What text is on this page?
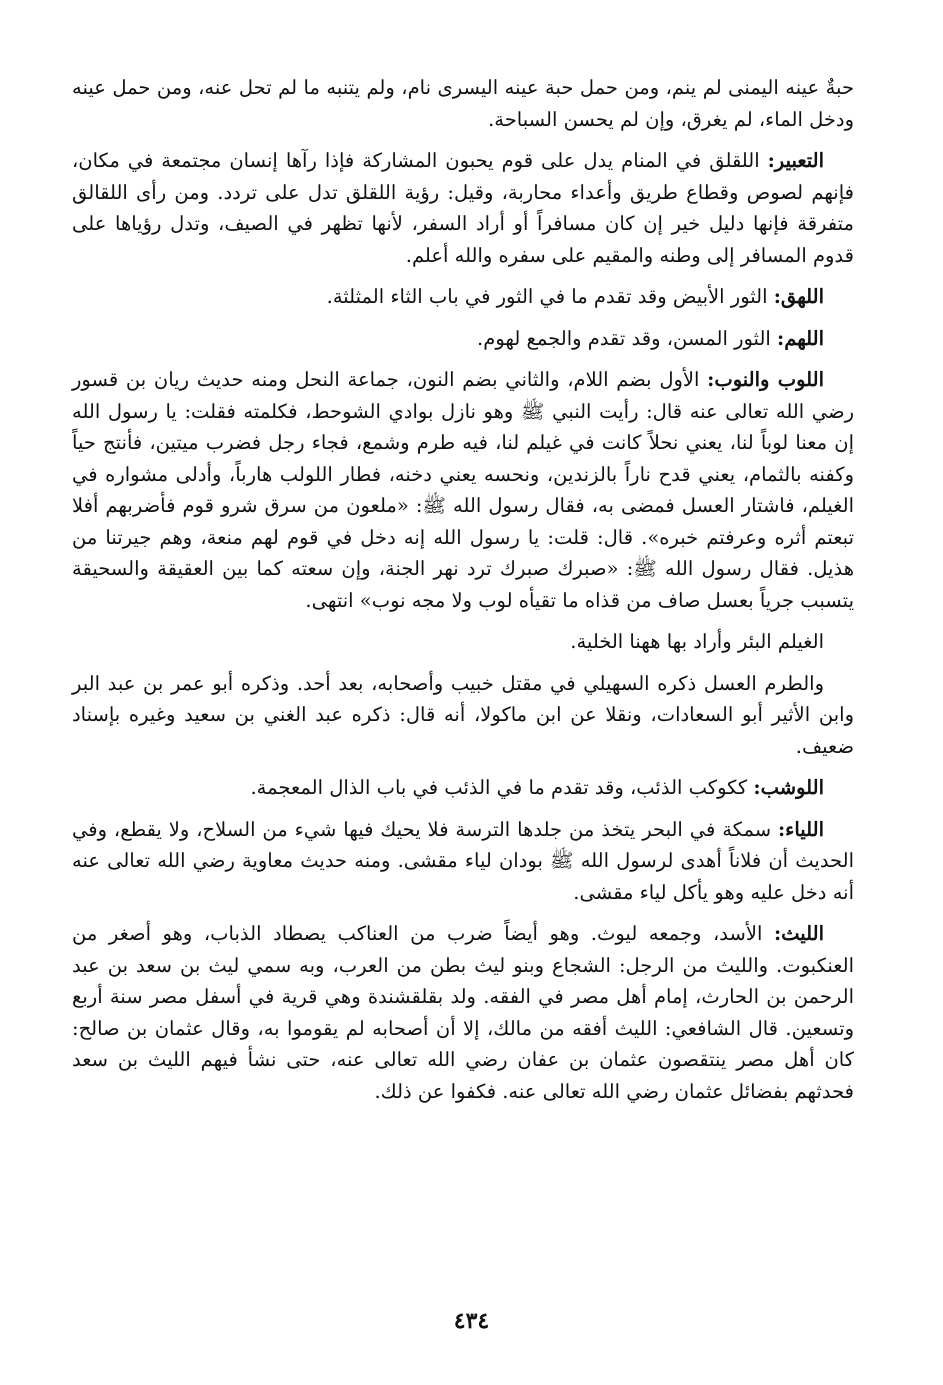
حبةٌ عينه اليمنى لم ينم، ومن حمل حبة عينه اليسرى نام، ولم يتنبه ما لم تحل عنه، ومن حمل عينه ودخل الماء، لم يغرق، وإن لم يحسن السباحة.

التعبير: اللقلق في المنام يدل على قوم يحبون المشاركة فإذا رآها إنسان مجتمعة في مكان، فإنهم لصوص وقطاع طريق وأعداء محاربة، وقيل: رؤية اللقلق تدل على تردد. ومن رأى اللقالق متفرقة فإنها دليل خير إن كان مسافراً أو أراد السفر، لأنها تظهر في الصيف، وتدل رؤياها على قدوم المسافر إلى وطنه والمقيم على سفره والله أعلم.

اللهق: الثور الأبيض وقد تقدم ما في الثور في باب الثاء المثلثة.

اللهم: الثور المسن، وقد تقدم والجمع لهوم.

اللوب والنوب: الأول بضم اللام، والثاني بضم النون، جماعة النحل ومنه حديث ريان بن قسور رضي الله تعالى عنه قال: رأيت النبي ﷺ وهو نازل بوادي الشوحط، فكلمته فقلت: يا رسول الله إن معنا لوباً لنا، يعني نحلاً كانت في غيلم لنا، فيه طرم وشمع، فجاء رجل فضرب ميتين، فأنتج حياً وكفنه بالثمام، يعني قدح ناراً بالزندين، ونحسه يعني دخنه، فطار اللولب هارباً، وأدلى مشواره في الغيلم، فاشتار العسل فمضى به، فقال رسول الله ﷺ: «ملعون من سرق شرو قوم فأضربهم أفلا تبعتم أثره وعرفتم خبره». قال: قلت: يا رسول الله إنه دخل في قوم لهم منعة، وهم جيرتنا من هذيل. فقال رسول الله ﷺ: «صبرك صبرك ترد نهر الجنة، وإن سعته كما بين العقيقة والسحيقة يتسبب جرياً بعسل صاف من قذاه ما تقيأه لوب ولا مجه نوب» انتهى.

الغيلم البئر وأراد بها ههنا الخلية.

والطرم العسل ذكره السهيلي في مقتل خبيب وأصحابه، بعد أحد. وذكره أبو عمر بن عبد البر وابن الأثير أبو السعادات، ونقلا عن ابن ماكولا، أنه قال: ذكره عبد الغني بن سعيد وغيره بإسناد ضعيف.

اللوشب: ككوكب الذئب، وقد تقدم ما في الذئب في باب الذال المعجمة.

اللياء: سمكة في البحر يتخذ من جلدها الترسة فلا يحيك فيها شيء من السلاح، ولا يقطع، وفي الحديث أن فلاناً أهدى لرسول الله ﷺ بودان لياء مقشى. ومنه حديث معاوية رضي الله تعالى عنه أنه دخل عليه وهو يأكل لياء مقشى.

الليث: الأسد، وجمعه ليوث. وهو أيضاً ضرب من العناكب يصطاد الذباب، وهو أصغر من العنكبوت. والليث من الرجل: الشجاع وبنو ليث بطن من العرب، وبه سمي ليث بن سعد بن عبد الرحمن بن الحارث، إمام أهل مصر في الفقه. ولد بقلقشندة وهي قرية في أسفل مصر سنة أربع وتسعين. قال الشافعي: الليث أفقه من مالك، إلا أن أصحابه لم يقوموا به، وقال عثمان بن صالح: كان أهل مصر ينتقصون عثمان بن عفان رضي الله تعالى عنه، حتى نشأ فيهم الليث بن سعد فحدثهم بفضائل عثمان رضي الله تعالى عنه. فكفوا عن ذلك.

٤٣٤
